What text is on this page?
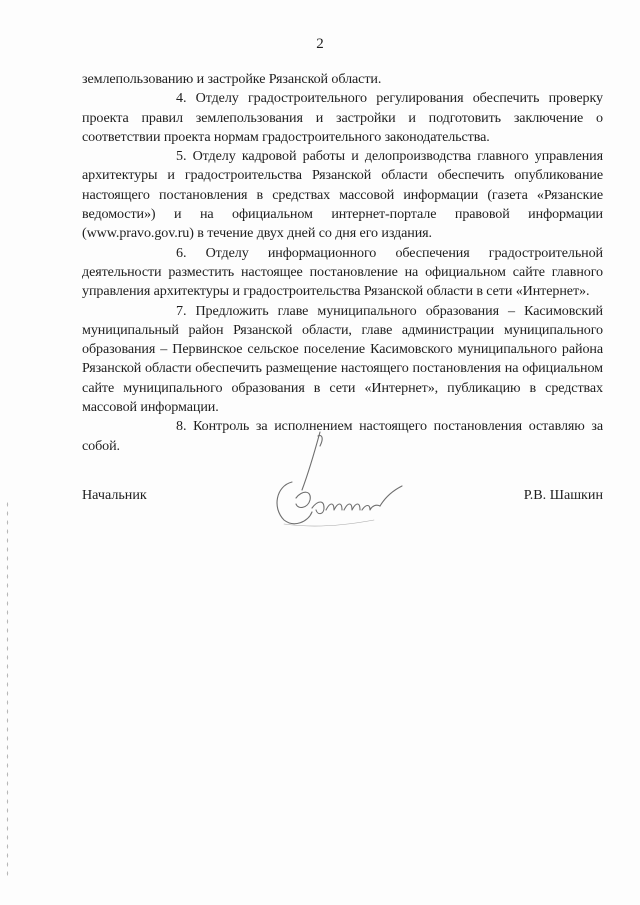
2

землепользованию и застройке Рязанской области.

4. Отделу градостроительного регулирования обеспечить проверку проекта правил землепользования и застройки и подготовить заключение о соответствии проекта нормам градостроительного законодательства.

5. Отделу кадровой работы и делопроизводства главного управления архитектуры и градостроительства Рязанской области обеспечить опубликование настоящего постановления в средствах массовой информации (газета «Рязанские ведомости») и на официальном интернет-портале правовой информации (www.pravo.gov.ru) в течение двух дней со дня его издания.

6. Отделу информационного обеспечения градостроительной деятельности разместить настоящее постановление на официальном сайте главного управления архитектуры и градостроительства Рязанской области в сети «Интернет».

7. Предложить главе муниципального образования – Касимовский муниципальный район Рязанской области, главе администрации муниципального образования – Первинское сельское поселение Касимовского муниципального района Рязанской области обеспечить размещение настоящего постановления на официальном сайте муниципального образования в сети «Интернет», публикацию в средствах массовой информации.

8. Контроль за исполнением настоящего постановления оставляю за собой.

Начальник	Р.В. Шашкин
